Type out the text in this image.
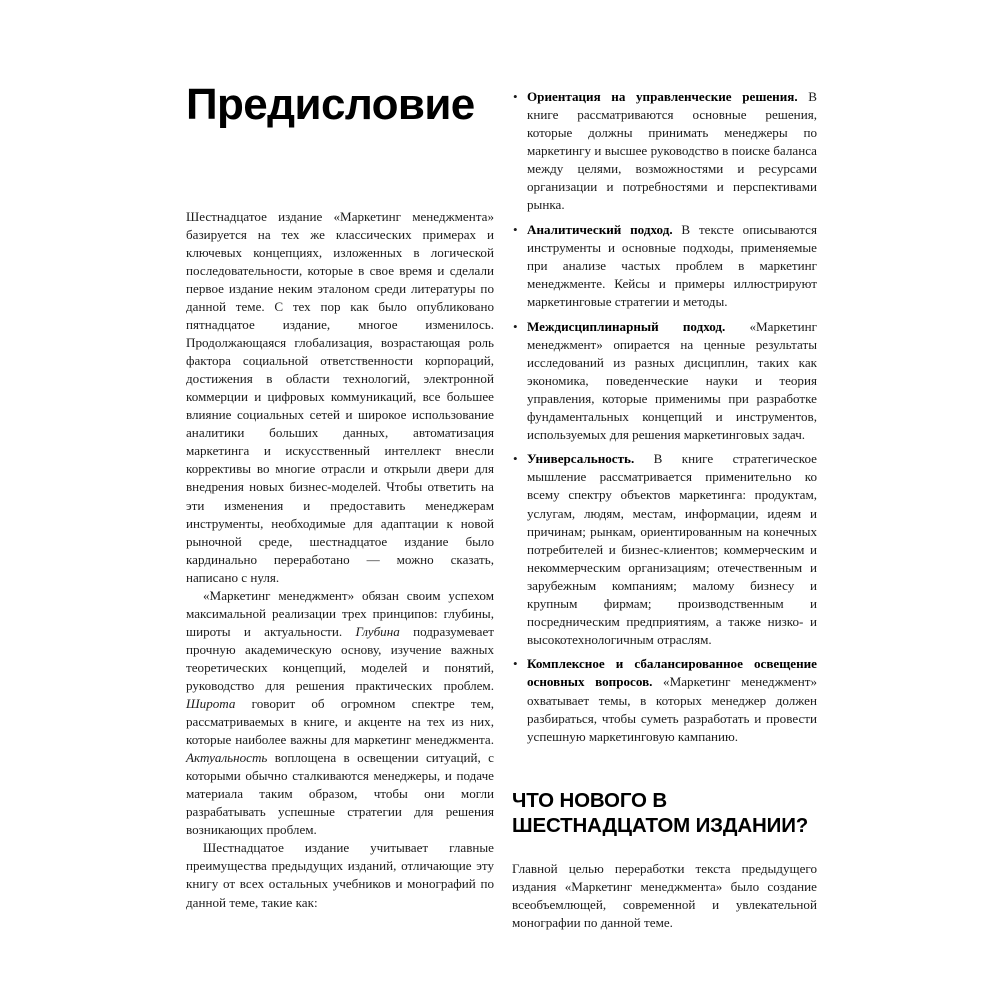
Предисловие

Шестнадцатое издание «Маркетинг менеджмента» базируется на тех же классических примерах и ключевых концепциях, изложенных в логической последовательности, которые в свое время и сделали первое издание неким эталоном среди литературы по данной теме. С тех пор как было опубликовано пятнадцатое издание, многое изменилось. Продолжающаяся глобализация, возрастающая роль фактора социальной ответственности корпораций, достижения в области технологий, электронной коммерции и цифровых коммуникаций, все большее влияние социальных сетей и широкое использование аналитики больших данных, автоматизация маркетинга и искусственный интеллект внесли коррективы во многие отрасли и открыли двери для внедрения новых бизнес-моделей. Чтобы ответить на эти изменения и предоставить менеджерам инструменты, необходимые для адаптации к новой рыночной среде, шестнадцатое издание было кардинально переработано — можно сказать, написано с нуля.

«Маркетинг менеджмент» обязан своим успехом максимальной реализации трех принципов: глубины, широты и актуальности. Глубина подразумевает прочную академическую основу, изучение важных теоретических концепций, моделей и понятий, руководство для решения практических проблем. Широта говорит об огромном спектре тем, рассматриваемых в книге, и акценте на тех из них, которые наиболее важны для маркетинг менеджмента. Актуальность воплощена в освещении ситуаций, с которыми обычно сталкиваются менеджеры, и подаче материала таким образом, чтобы они могли разрабатывать успешные стратегии для решения возникающих проблем.

Шестнадцатое издание учитывает главные преимущества предыдущих изданий, отличающие эту книгу от всех остальных учебников и монографий по данной теме, такие как:

• Ориентация на управленческие решения. В книге рассматриваются основные решения, которые должны принимать менеджеры по маркетингу и высшее руководство в поиске баланса между целями, возможностями и ресурсами организации и потребностями и перспективами рынка.
• Аналитический подход. В тексте описываются инструменты и основные подходы, применяемые при анализе частых проблем в маркетинг менеджменте. Кейсы и примеры иллюстрируют маркетинговые стратегии и методы.
• Междисциплинарный подход. «Маркетинг менеджмент» опирается на ценные результаты исследований из разных дисциплин, таких как экономика, поведенческие науки и теория управления, которые применимы при разработке фундаментальных концепций и инструментов, используемых для решения маркетинговых задач.
• Универсальность. В книге стратегическое мышление рассматривается применительно ко всему спектру объектов маркетинга: продуктам, услугам, людям, местам, информации, идеям и причинам; рынкам, ориентированным на конечных потребителей и бизнес-клиентов; коммерческим и некоммерческим организациям; отечественным и зарубежным компаниям; малому бизнесу и крупным фирмам; производственным и посредническим предприятиям, а также низко- и высокотехнологичным отраслям.
• Комплексное и сбалансированное освещение основных вопросов. «Маркетинг менеджмент» охватывает темы, в которых менеджер должен разбираться, чтобы суметь разработать и провести успешную маркетинговую кампанию.
ЧТО НОВОГО В ШЕСТНАДЦАТОМ ИЗДАНИИ?

Главной целью переработки текста предыдущего издания «Маркетинг менеджмента» было создание всеобъемлющей, современной и увлекательной монографии по данной теме.
